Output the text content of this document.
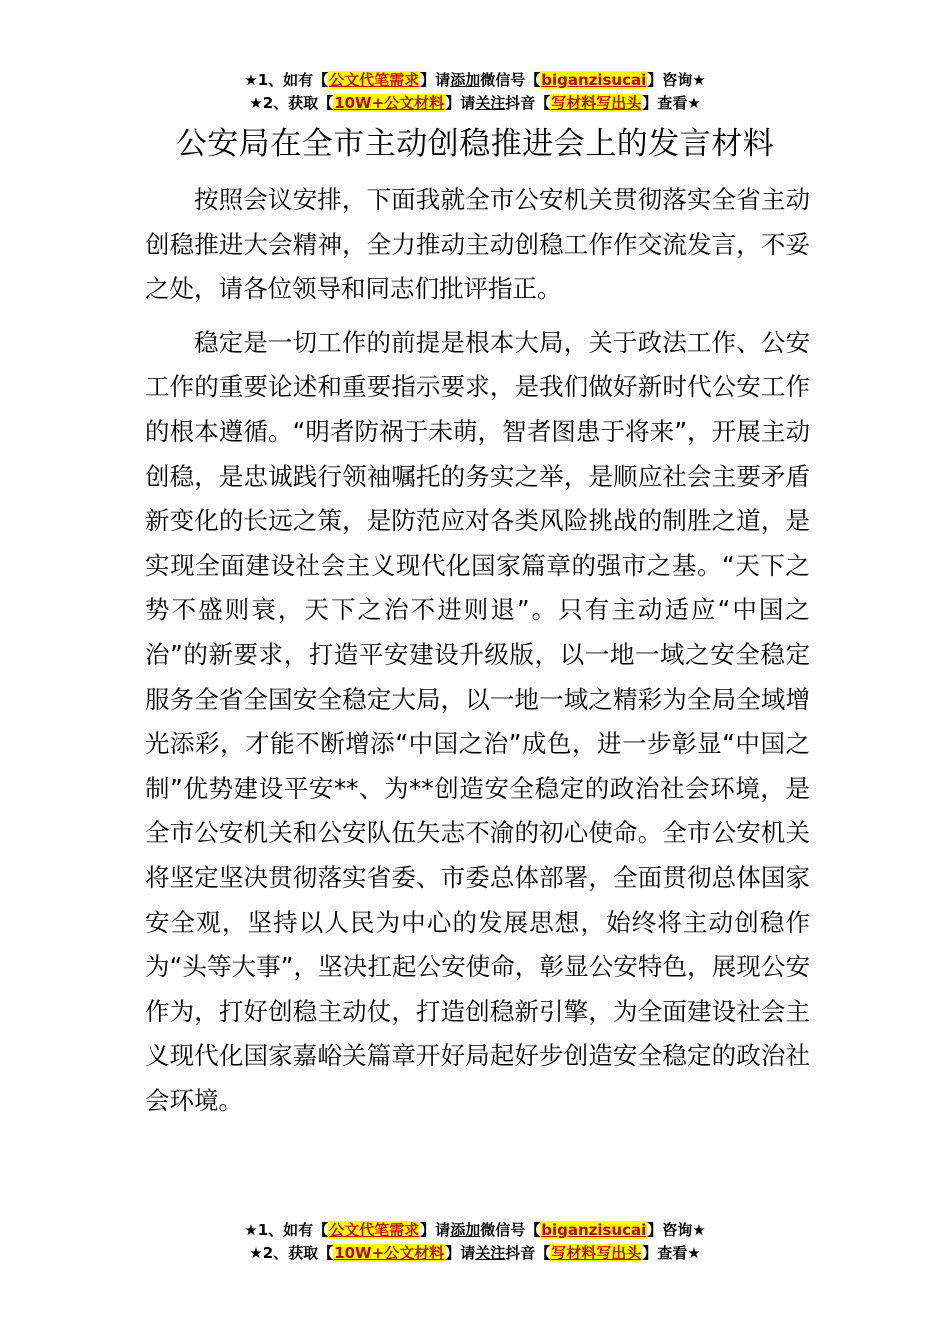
★1、如有【公文代笔需求】请添加微信号【biganzisucai】咨询★
★2、获取【10W+公文材料】请关注抖音【写材料写出头】查看★
公安局在全市主动创稳推进会上的发言材料

按照会议安排，下面我就全市公安机关贯彻落实全省主动创稳推进大会精神，全力推动主动创稳工作作交流发言，不妥之处，请各位领导和同志们批评指正。

稳定是一切工作的前提是根本大局，关于政法工作、公安工作的重要论述和重要指示要求，是我们做好新时代公安工作的根本遵循。“明者防祸于未萌，智者图患于将来”，开展主动创稳，是忠诚践行领袖嘱托的务实之举，是顺应社会主要矛盾新变化的长远之策，是防范应对各类风险挑战的制胜之道，是实现全面建设社会主义现代化国家篇章的强市之基。“天下之势不盛则衰，天下之治不进则退”。只有主动适应“中国之治”的新要求，打造平安建设升级版，以一地一域之安全稳定服务全省全国安全稳定大局，以一地一域之精彩为全局全域增光添彩，才能不断增添“中国之治”成色，进一步彰显“中国之制”优势建设平安**、为**创造安全稳定的政治社会环境，是全市公安机关和公安队伍矢志不渝的初心使命。全市公安机关将坚定坚决贯彻落实省委、市委总体部署，全面贯彻总体国家安全观，坚持以人民为中心的发展思想，始终将主动创稳作为“头等大事”，坚决扛起公安使命，彰显公安特色，展现公安作为，打好创稳主动仗，打造创稳新引擎，为全面建设社会主义现代化国家嘉峪关篇章开好局起好步创造安全稳定的政治社会环境。

★1、如有【公文代笔需求】请添加微信号【biganzisucai】咨询★
★2、获取【10W+公文材料】请关注抖音【写材料写出头】查看★
